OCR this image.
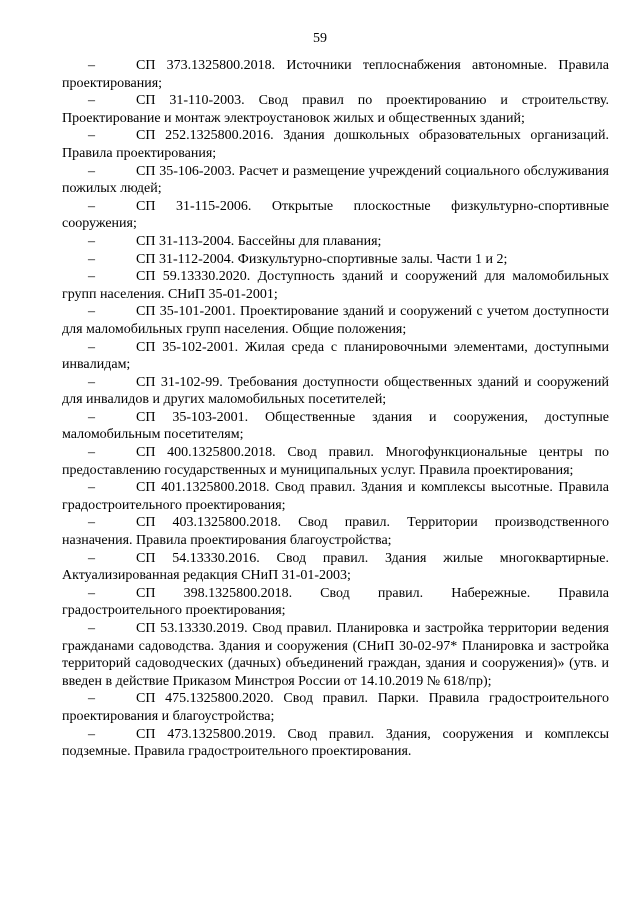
59

–	СП 373.1325800.2018. Источники теплоснабжения автономные. Правила проектирования;

–	СП 31-110-2003. Свод правил по проектированию и строительству. Проектирование и монтаж электроустановок жилых и общественных зданий;

–	СП 252.1325800.2016. Здания дошкольных образовательных организаций. Правила проектирования;

–	СП 35-106-2003. Расчет и размещение учреждений социального обслуживания пожилых людей;

–	СП 31-115-2006. Открытые плоскостные физкультурно-спортивные сооружения;

–	СП 31-113-2004. Бассейны для плавания;

–	СП 31-112-2004. Физкультурно-спортивные залы. Части 1 и 2;

–	СП 59.13330.2020. Доступность зданий и сооружений для маломобильных групп населения. СНиП 35-01-2001;

–	СП 35-101-2001. Проектирование зданий и сооружений с учетом доступности для маломобильных групп населения. Общие положения;

–	СП 35-102-2001. Жилая среда с планировочными элементами, доступными инвалидам;

–	СП 31-102-99. Требования доступности общественных зданий и сооружений для инвалидов и других маломобильных посетителей;

–	СП 35-103-2001. Общественные здания и сооружения, доступные маломобильным посетителям;

–	СП 400.1325800.2018. Свод правил. Многофункциональные центры по предоставлению государственных и муниципальных услуг. Правила проектирования;

–	СП 401.1325800.2018. Свод правил. Здания и комплексы высотные. Правила градостроительного проектирования;

–	СП 403.1325800.2018. Свод правил. Территории производственного назначения. Правила проектирования благоустройства;

–	СП 54.13330.2016. Свод правил. Здания жилые многоквартирные. Актуализированная редакция СНиП 31-01-2003;

–	СП 398.1325800.2018. Свод правил. Набережные. Правила градостроительного проектирования;

–	СП 53.13330.2019. Свод правил. Планировка и застройка территории ведения гражданами садоводства. Здания и сооружения (СНиП 30-02-97* Планировка и застройка территорий садоводческих (дачных) объединений граждан, здания и сооружения)» (утв. и введен в действие Приказом Минстроя России от 14.10.2019 № 618/пр);

–	СП 475.1325800.2020. Свод правил. Парки. Правила градостроительного проектирования и благоустройства;

–	СП 473.1325800.2019. Свод правил. Здания, сооружения и комплексы подземные. Правила градостроительного проектирования.
